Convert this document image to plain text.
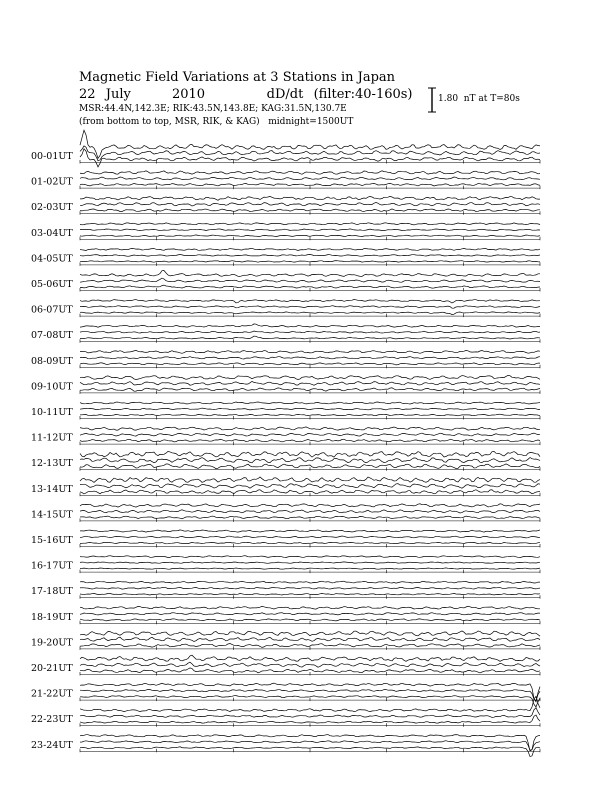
Magnetic Field Variations at 3 Stations in Japan
22  July	2010	dD/dt (filter:40-160s)
MSR:44.4N,142.3E; RIK:43.5N,143.8E; KAG:31.5N,130.7E
(from bottom to top, MSR, RIK, & KAG)   midnight=1500UT
1.80  nT at T=80s
00-01UT
01-02UT
02-03UT
03-04UT
04-05UT
05-06UT
06-07UT
07-08UT
08-09UT
09-10UT
10-11UT
11-12UT
12-13UT
13-14UT
14-15UT
15-16UT
16-17UT
17-18UT
18-19UT
19-20UT
20-21UT
21-22UT
22-23UT
23-24UT
